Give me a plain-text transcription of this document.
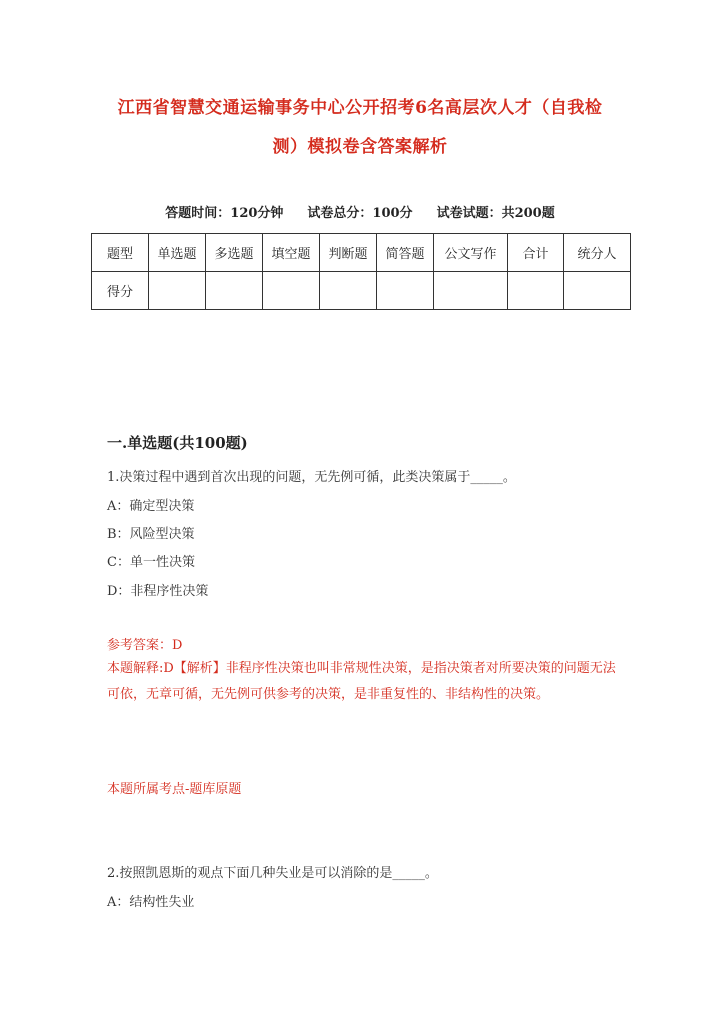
江西省智慧交通运输事务中心公开招考6名高层次人才（自我检
测）模拟卷含答案解析
答题时间：120分钟 试卷总分：100分 试卷试题：共200题
题型	单选题	多选题	填空题	判断题	简答题	公文写作	合计	统分人
得分								
一.单选题(共100题)
1.决策过程中遇到首次出现的问题，无先例可循，此类决策属于_____。
A：确定型决策
B：风险型决策
C：单一性决策
D：非程序性决策
参考答案：D
本题解释:D【解析】非程序性决策也叫非常规性决策，是指决策者对所要决策的问题无法可依，无章可循，无先例可供参考的决策，是非重复性的、非结构性的决策。
本题所属考点-题库原题
2.按照凯恩斯的观点下面几种失业是可以消除的是_____。
A：结构性失业
